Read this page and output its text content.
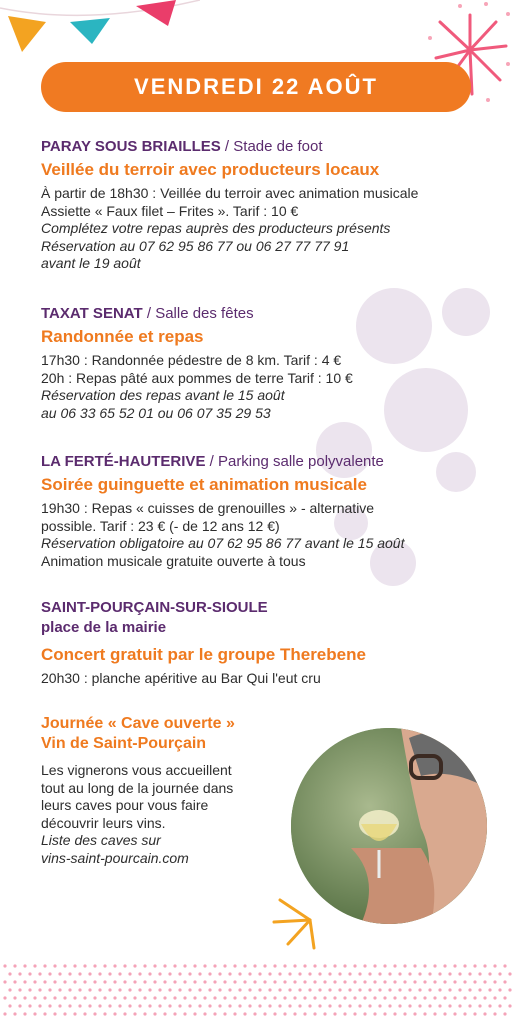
VENDREDI 22 AOÛT
PARAY SOUS BRIAILLES / Stade de foot
Veillée du terroir avec producteurs locaux
À partir de 18h30 : Veillée du terroir avec animation musicale
Assiette « Faux filet – Frites ». Tarif : 10 €
Complétez votre repas auprès des producteurs présents
Réservation au 07 62 95 86 77 ou 06 27 77 77 91
avant le 19 août
TAXAT SENAT / Salle des fêtes
Randonnée et repas
17h30 : Randonnée pédestre de 8 km. Tarif : 4 €
20h : Repas pâté aux pommes de terre Tarif : 10 €
Réservation des repas avant le 15 août
au 06 33 65 52 01 ou 06 07 35 29 53
LA FERTÉ-HAUTERIVE / Parking salle polyvalente
Soirée guinguette et animation musicale
19h30 : Repas « cuisses de grenouilles » - alternative
possible. Tarif : 23 € (- de 12 ans 12 €)
Réservation obligatoire au 07 62 95 86 77 avant le 15 août
Animation musicale gratuite ouverte à tous
SAINT-POURÇAIN-SUR-SIOULE
place de la mairie
Concert gratuit par le groupe Therebene
20h30 : planche apéritive au Bar Qui l'eut cru
Journée « Cave ouverte »
Vin de Saint-Pourçain
Les vignerons vous accueillent
tout au long de la journée dans
leurs caves pour vous faire
découvrir leurs vins.
Liste des caves sur
vins-saint-pourcain.com
